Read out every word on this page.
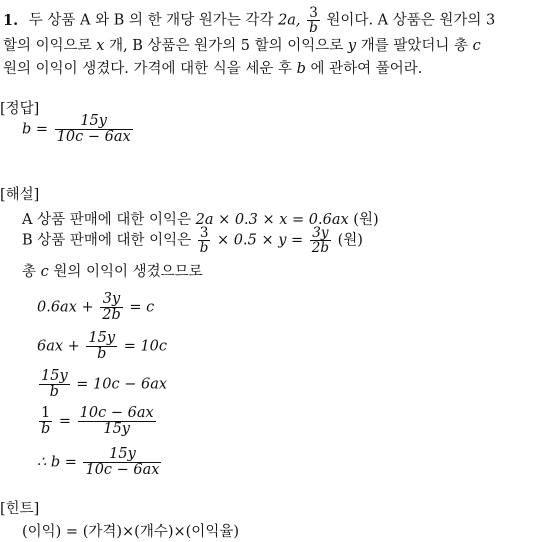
1. 두 상품 A 와 B 의 한 개당 원가는 각각 2a, $\frac{3}{b}$ 원이다. A 상품은 원가의 3
할의 이익으로 x 개, B 상품은 원가의 5 할의 이익으로 y 개를 팔았더니 총 c
원의 이익이 생겼다. 가격에 대한 식을 세운 후 b 에 관하여 풀어라.
[정답]
$b = \frac{15y}{10c - 6ax}$
[해설]
A 상품 판매에 대한 이익은 2a × 0.3 × x = 0.6ax (원)
B 상품 판매에 대한 이익은 $\frac{3}{b} \times 0.5 \times y = \frac{3y}{2b}$ (원)
총 c 원의 이익이 생겼으므로
$0.6ax + \frac{3y}{2b} = c$
$6ax + \frac{15y}{b} = 10c$
$\frac{15y}{b} = 10c - 6ax$
$\frac{1}{b} = \frac{10c - 6ax}{15y}$
∴ $b = \frac{15y}{10c - 6ax}$
[힌트]
(이익) = (가격)×(개수)×(이익율)
